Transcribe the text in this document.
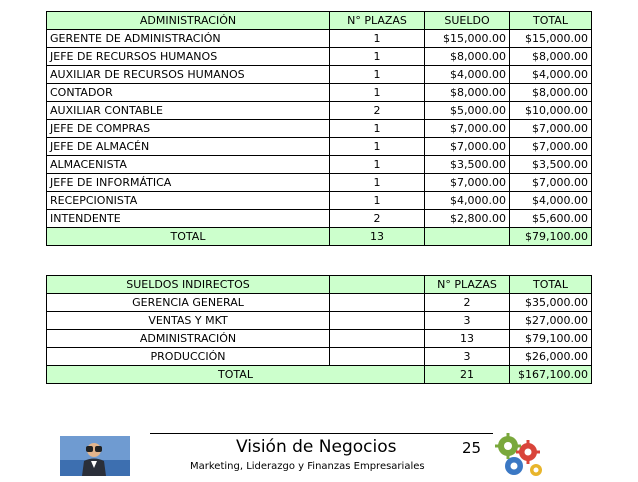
ADMINISTRACIÓN	N° PLAZAS	SUELDO	TOTAL
GERENTE DE ADMINISTRACIÓN	1	$15,000.00	$15,000.00
JEFE DE RECURSOS HUMANOS	1	$8,000.00	$8,000.00
AUXILIAR DE RECURSOS HUMANOS	1	$4,000.00	$4,000.00
CONTADOR	1	$8,000.00	$8,000.00
AUXILIAR CONTABLE	2	$5,000.00	$10,000.00
JEFE DE COMPRAS	1	$7,000.00	$7,000.00
JEFE DE ALMACÉN	1	$7,000.00	$7,000.00
ALMACENISTA	1	$3,500.00	$3,500.00
JEFE DE INFORMÁTICA	1	$7,000.00	$7,000.00
RECEPCIONISTA	1	$4,000.00	$4,000.00
INTENDENTE	2	$2,800.00	$5,600.00
TOTAL	13		$79,100.00
SUELDOS INDIRECTOS		N° PLAZAS	TOTAL
GERENCIA GENERAL		2	$35,000.00
VENTAS Y MKT		3	$27,000.00
ADMINISTRACIÓN		13	$79,100.00
PRODUCCIÓN		3	$26,000.00
TOTAL		21	$167,100.00
Visión de Negocios	25
Marketing, Liderazgo y Finanzas Empresariales
